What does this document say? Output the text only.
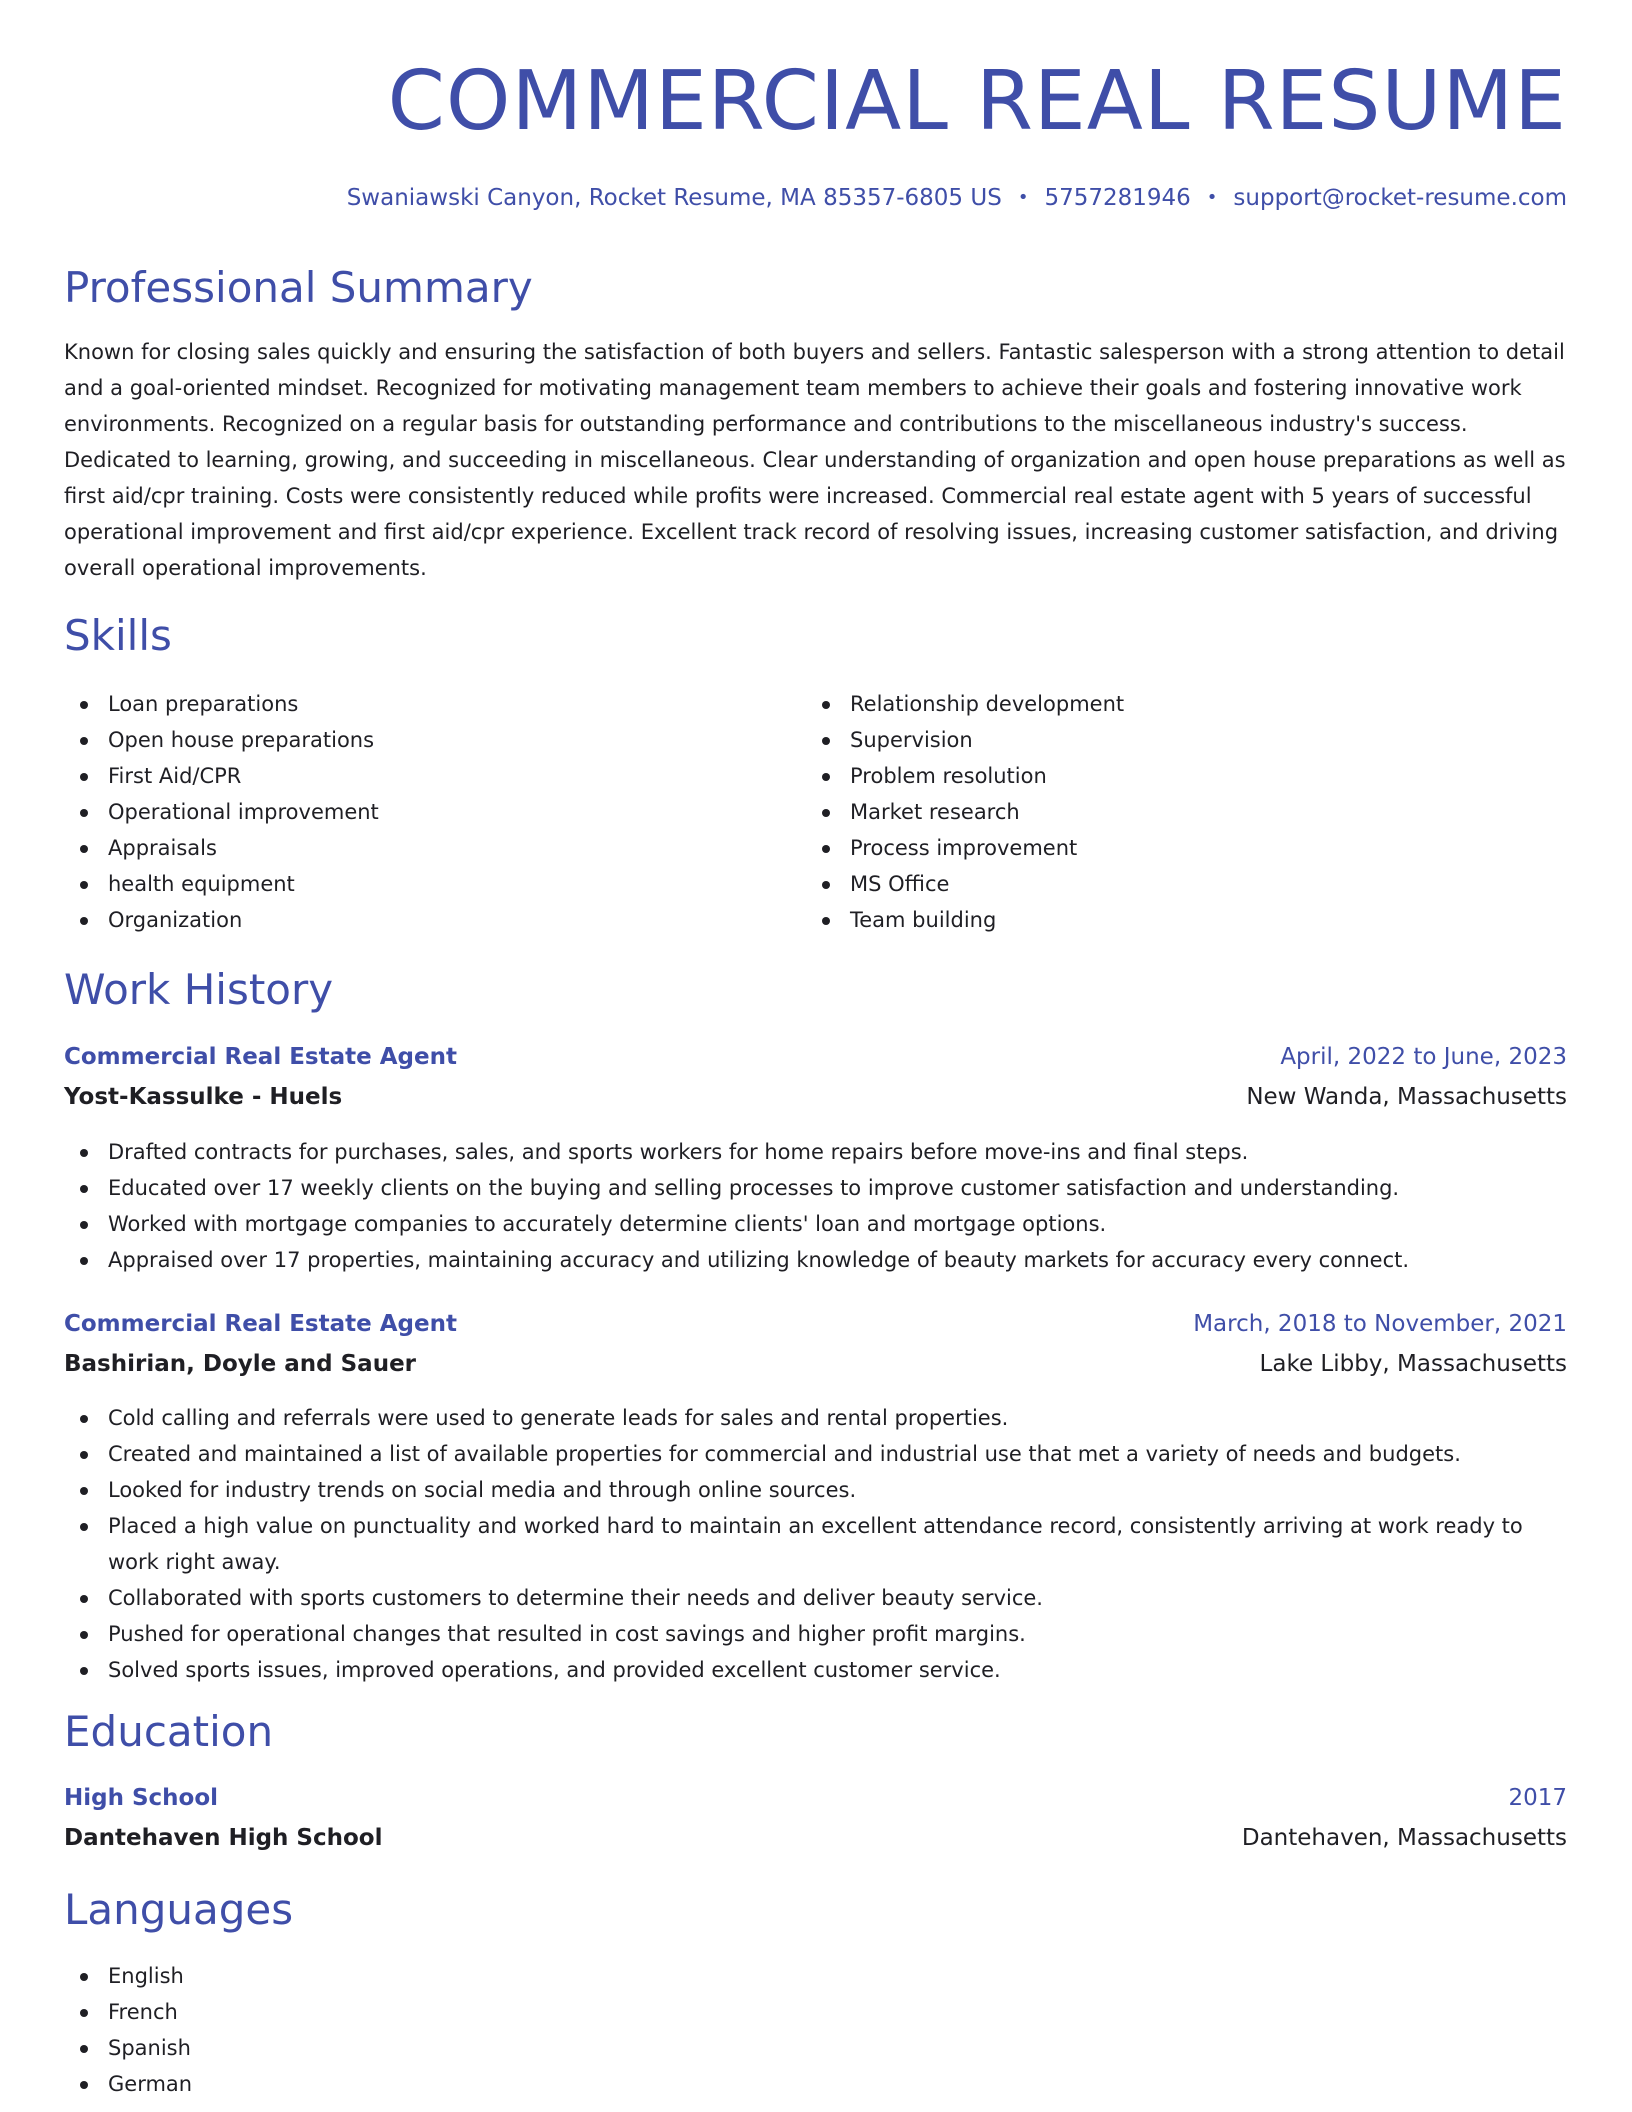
COMMERCIAL REAL RESUME
Swaniawski Canyon, Rocket Resume, MA 85357-6805 US • 5757281946 • support@rocket-resume.com
Professional Summary

Known for closing sales quickly and ensuring the satisfaction of both buyers and sellers. Fantastic salesperson with a strong attention to detail and a goal-oriented mindset. Recognized for motivating management team members to achieve their goals and fostering innovative work environments. Recognized on a regular basis for outstanding performance and contributions to the miscellaneous industry's success. Dedicated to learning, growing, and succeeding in miscellaneous. Clear understanding of organization and open house preparations as well as first aid/cpr training. Costs were consistently reduced while profits were increased. Commercial real estate agent with 5 years of successful operational improvement and first aid/cpr experience. Excellent track record of resolving issues, increasing customer satisfaction, and driving overall operational improvements.

Skills
Loan preparations
Open house preparations
First Aid/CPR
Operational improvement
Appraisals
health equipment
Organization
Relationship development
Supervision
Problem resolution
Market research
Process improvement
MS Office
Team building
Work History
Commercial Real Estate Agent	April, 2022 to June, 2023
Yost-Kassulke - Huels	New Wanda, Massachusetts
Drafted contracts for purchases, sales, and sports workers for home repairs before move-ins and final steps.
Educated over 17 weekly clients on the buying and selling processes to improve customer satisfaction and understanding.
Worked with mortgage companies to accurately determine clients' loan and mortgage options.
Appraised over 17 properties, maintaining accuracy and utilizing knowledge of beauty markets for accuracy every connect.
Commercial Real Estate Agent	March, 2018 to November, 2021
Bashirian, Doyle and Sauer	Lake Libby, Massachusetts
Cold calling and referrals were used to generate leads for sales and rental properties.
Created and maintained a list of available properties for commercial and industrial use that met a variety of needs and budgets.
Looked for industry trends on social media and through online sources.
Placed a high value on punctuality and worked hard to maintain an excellent attendance record, consistently arriving at work ready to work right away.
Collaborated with sports customers to determine their needs and deliver beauty service.
Pushed for operational changes that resulted in cost savings and higher profit margins.
Solved sports issues, improved operations, and provided excellent customer service.
Education
High School	2017
Dantehaven High School	Dantehaven, Massachusetts
Languages
English
French
Spanish
German
